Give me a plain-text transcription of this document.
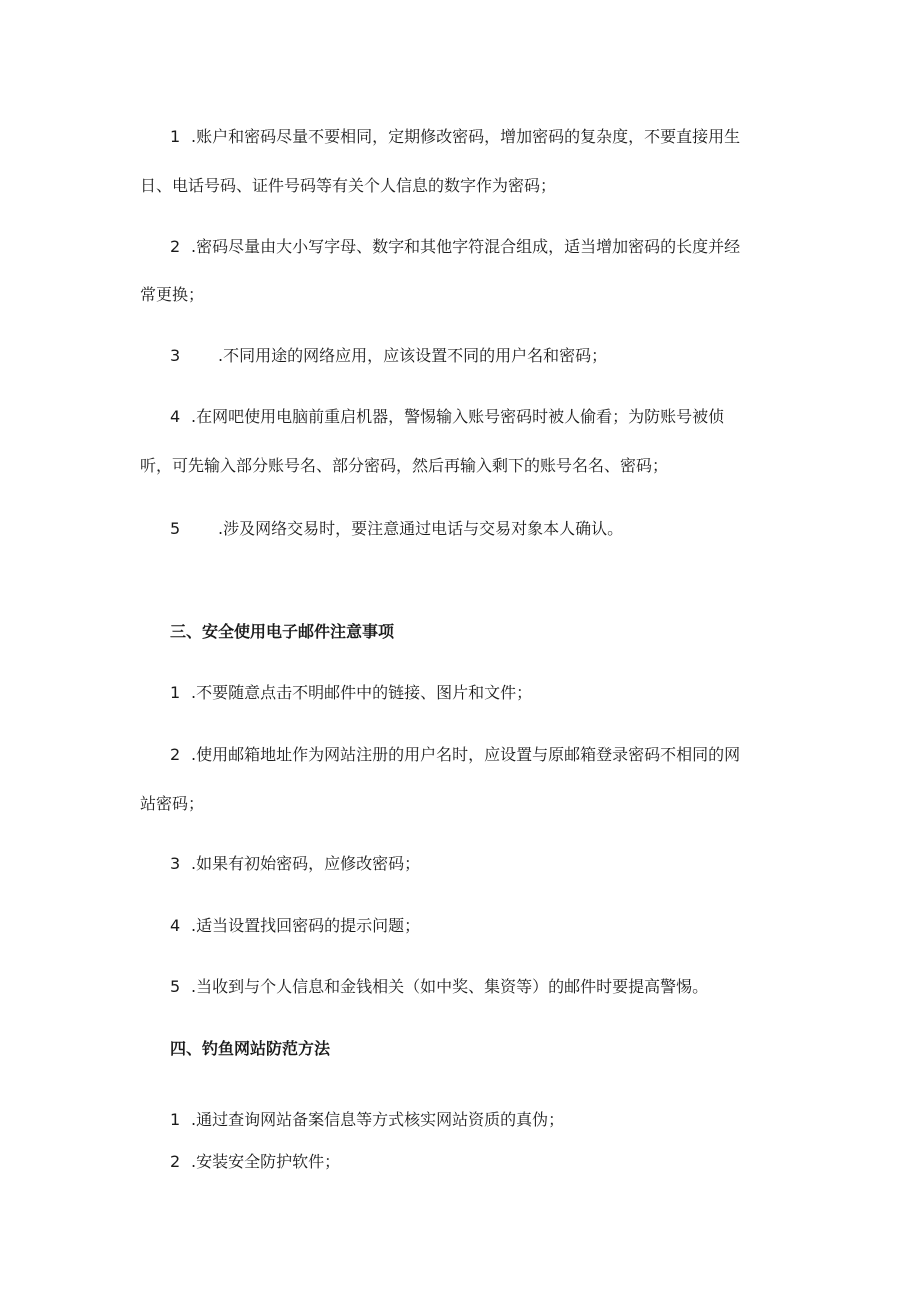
1 .账户和密码尽量不要相同，定期修改密码，增加密码的复杂度，不要直接用生
日、电话号码、证件号码等有关个人信息的数字作为密码；
2 .密码尽量由大小写字母、数字和其他字符混合组成，适当增加密码的长度并经
常更换；
3 .不同用途的网络应用，应该设置不同的用户名和密码；
4 .在网吧使用电脑前重启机器，警惕输入账号密码时被人偷看；为防账号被侦
听，可先输入部分账号名、部分密码，然后再输入剩下的账号名名、密码；
5 .涉及网络交易时，要注意通过电话与交易对象本人确认。
三、安全使用电子邮件注意事项
1 .不要随意点击不明邮件中的链接、图片和文件；
2 .使用邮箱地址作为网站注册的用户名时，应设置与原邮箱登录密码不相同的网
站密码；
3 .如果有初始密码，应修改密码；
4 .适当设置找回密码的提示问题；
5 .当收到与个人信息和金钱相关（如中奖、集资等）的邮件时要提高警惕。
四、钓鱼网站防范方法
1 .通过查询网站备案信息等方式核实网站资质的真伪；
2 .安装安全防护软件；
